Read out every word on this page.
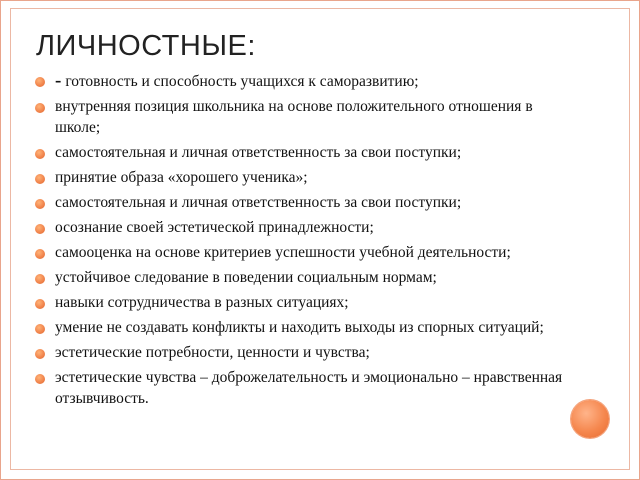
ЛИЧНОСТНЫЕ:
- готовность и способность учащихся к саморазвитию;
внутренняя позиция школьника на основе положительного отношения в школе;
самостоятельная и личная ответственность за свои поступки;
принятие образа «хорошего ученика»;
самостоятельная и личная ответственность за свои поступки;
осознание своей эстетической принадлежности;
самооценка на основе критериев успешности учебной деятельности;
устойчивое следование в поведении социальным нормам;
навыки сотрудничества в разных ситуациях;
умение не создавать конфликты и находить выходы из спорных ситуаций;
эстетические потребности, ценности и чувства;
эстетические чувства – доброжелательность и эмоционально – нравственная отзывчивость.
